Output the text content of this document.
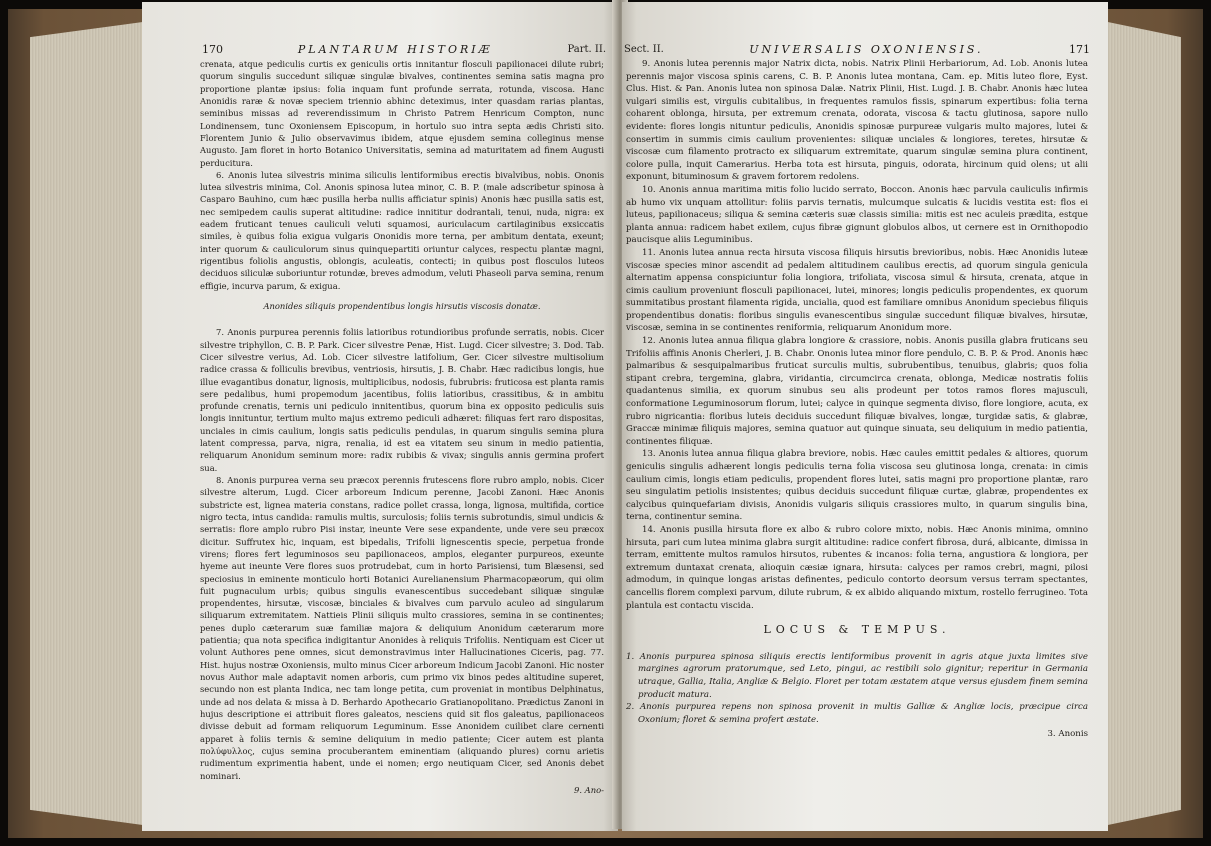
170	PLANTARUM HISTORIÆ	Part. II.

crenata, atque pediculis curtis ex geniculis ortis innitantur flosculi papilionacei dilute rubri; quorum singulis succedunt siliquæ singulæ bivalves, continentes semina satis magna pro proportione plantæ ipsius: folia inquam funt profunde serrata, rotunda, viscosa. Hanc Anonidis raræ & novæ speciem triennio abhinc deteximus, inter quasdam rarias plantas, seminibus missas ad reverendissimum in Christo Patrem Henricum Compton, nunc Londinensem, tunc Oxoniensem Episcopum, in hortulo suo intra septa ædis Christi sito. Florentem Junio & Julio observavimus ibidem, atque ejusdem semina colleginus mense Augusto. Jam floret in horto Botanico Universitatis, semina ad maturitatem ad finem Augusti perducitura.

6. Anonis lutea silvestris minima siliculis lentiformibus erectis bivalvibus, nobis. Ononis lutea silvestris minima, Col. Anonis spinosa lutea minor, C. B. P. (male adscribetur spinosa à Casparo Bauhino, cum hæc pusilla herba nullis afficiatur spinis) Anonis hæc pusilla satis est, nec semipedem caulis superat altitudine: radice innititur dodrantali, tenui, nuda, nigra: ex eadem fruticant tenues cauliculi veluti squamosi, auriculacum cartilaginibus exsiccatis similes, è quibus folia exigua vulgaris Ononidis more terna, per ambitum dentata, exeunt; inter quorum & cauliculorum sinus quinquepartiti oriuntur calyces, respectu plantæ magni, rigentibus foliolis angustis, oblongis, aculeatis, contecti; in quibus post flosculos luteos deciduos siliculæ suboriuntur rotundæ, breves admodum, veluti Phaseoli parva semina, renum effigie, incurva parum, & exigua.

Anonides siliquis propendentibus longis hirsutis viscosis donatæ.

7. Anonis purpurea perennis foliis latioribus rotundioribus profunde serratis, nobis. Cicer silvestre triphyllon, C. B. P. Park. Cicer silvestre Penæ, Hist. Lugd. Cicer silvestre; 3. Dod. Tab. Cicer silvestre verius, Ad. Lob. Cicer silvestre latifolium, Ger. Cicer silvestre multisolium radice crassa & folliculis brevibus, ventriosis, hirsutis, J. B. Chabr. Hæc radicibus longis, hue illue evagantibus donatur, lignosis, multiplicibus, nodosis, fubrubris: fruticosa est planta ramis sere pedalibus, humi propemodum jacentibus, foliis latioribus, crassitibus, & in ambitu profunde crenatis, ternis uni pediculo innitentibus, quorum bina ex opposito pediculis suis longis innituntur, tertium multo majus extremo pediculi adhæret: filiquas fert raro dispositas, unciales in cimis caulium, longis satis pediculis pendulas, in quarum singulis semina plura latent compressa, parva, nigra, renalia, id est ea vitatem seu sinum in medio patientia, reliquarum Anonidum seminum more: radix rubibis & vivax; singulis annis germina profert sua.

8. Anonis purpurea verna seu præcox perennis frutescens flore rubro amplo, nobis. Cicer silvestre alterum, Lugd. Cicer arboreum Indicum perenne, Jacobi Zanoni. Hæc Anonis substricte est, lignea materia constans, radice pollet crassa, longa, lignosa, multifida, cortice nigro tecta, intus candida: ramulis multis, surculosis; foliis ternis subrotundis, simul undicis & serratis: flore amplo rubro Pisi instar, ineunte Vere sese expandente, unde vere seu præcox dicitur. Suffrutex hic, inquam, est bipedalis, Trifolii lignescentis specie, perpetua fronde virens; flores fert leguminosos seu papilionaceos, amplos, eleganter purpureos, exeunte hyeme aut ineunte Vere flores suos protrudebat, cum in horto Parisiensi, tum Blæsensi, sed speciosius in eminente monticulo horti Botanici Aurelianensium Pharmacopæorum, qui olim fuit pugnaculum urbis; quibus singulis evanescentibus succedebant siliquæ singulæ propendentes, hirsutæ, viscosæ, binciales & bivalves cum parvulo aculeo ad singularum siliquarum extremitatem. Nattieis Plinii siliquis multo crassiores, semina in se continentes; penes duplo cæterarum suæ familiæ majora & deliquium Anonidum cæterarum more patientia; qua nota specifica indigitantur Anonides à reliquis Trifoliis. Nentiquam est Cicer ut volunt Authores pene omnes, sicut demonstravimus inter Hallucinationes Ciceris, pag. 77. Hist. hujus nostræ Oxoniensis, multo minus Cicer arboreum Indicum Jacobi Zanoni. Hic noster novus Author male adaptavit nomen arboris, cum primo vix binos pedes altitudine superet, secundo non est planta Indica, nec tam longe petita, cum proveniat in montibus Delphinatus, unde ad nos delata & missa à D. Berhardo Apothecario Gratianopolitano. Prædictus Zanoni in hujus descriptione ei attribuit flores galeatos, nesciens quid sit flos galeatus, papilionaceos divisse debuit ad formam reliquorum Leguminum. Esse Anonidem cuilibet clare cernenti apparet à foliis ternis & semine deliquium in medio patiente; Cicer autem est planta πολύφυλλος, cujus semina procuberantem eminentiam (aliquando plures) cornu arietis rudimentum exprimentia habent, unde ei nomen; ergo neutiquam Cicer, sed Anonis debet nominari.

9. Ano-
Sect. II.	UNIVERSALIS OXONIENSIS.	171

9. Anonis lutea perennis major Natrix dicta, nobis. Natrix Plinii Herbariorum, Ad. Lob. Anonis lutea perennis major viscosa spinis carens, C. B. P. Anonis lutea montana, Cam. ep. Mitis luteo flore, Eyst. Clus. Hist. & Pan. Anonis lutea non spinosa Dalæ. Natrix Plinii, Hist. Lugd. J. B. Chabr. Anonis hæc lutea vulgari similis est, virgulis cubitalibus, in frequentes ramulos fissis, spinarum expertibus: folia terna coharent oblonga, hirsuta, per extremum crenata, odorata, viscosa & tactu glutinosa, sapore nullo evidente: flores longis nituntur pediculis, Anonidis spinosæ purpureæ vulgaris multo majores, lutei & consertim in summis cimis caulium provenientes: siliquæ unciales & longiores, teretes, hirsutæ & viscosæ cum filamento protracto ex siliquarum extremitate, quarum singulæ semina plura continent, colore pulla, inquit Camerarius. Herba tota est hirsuta, pinguis, odorata, hircinum quid olens; ut alii exponunt, bituminosum & gravem fortorem redolens.

10. Anonis annua maritima mitis folio lucido serrato, Boccon. Anonis hæc parvula cauliculis infirmis ab humo vix unquam attollitur: foliis parvis ternatis, mulcumque sulcatis & lucidis vestita est: flos ei luteus, papilionaceus; siliqua & semina cæteris suæ classis similia: mitis est nec aculeis prædita, estque planta annua: radicem habet exilem, cujus fibræ gignunt globulos albos, ut cernere est in Ornithopodio paucisque aliis Leguminibus.

11. Anonis lutea annua recta hirsuta viscosa filiquis hirsutis brevioribus, nobis. Hæc Anonidis luteæ viscosæ species minor ascendit ad pedalem altitudinem caulibus erectis, ad quorum singula genicula alternatim appensa conspiciuntur folia longiora, trifoliata, viscosa simul & hirsuta, crenata, atque in cimis caulium proveniunt flosculi papilionacei, lutei, minores; longis pediculis propendentes, ex quorum summitatibus prostant filamenta rigida, uncialia, quod est familiare omnibus Anonidum speciebus filiquis propendentibus donatis: floribus singulis evanescentibus singulæ succedunt filiquæ bivalves, hirsutæ, viscosæ, semina in se continentes reniformia, reliquarum Anonidum more.

12. Anonis lutea annua filiqua glabra longiore & crassiore, nobis. Anonis pusilla glabra fruticans seu Trifoliis affinis Anonis Cherleri, J. B. Chabr. Ononis lutea minor flore pendulo, C. B. P. & Prod. Anonis hæc palmaribus & sesquipalmaribus fruticat surculis multis, subrubentibus, tenuibus, glabris; quos folia stipant crebra, tergemina, glabra, viridantia, circumcirca crenata, oblonga, Medicæ nostratis foliis quadantenus similia, ex quorum sinubus seu alis prodeunt per totos ramos flores majusculi, conformatione Leguminosorum florum, lutei; calyce in quinque segmenta diviso, flore longiore, acuta, ex rubro nigricantia: floribus luteis deciduis succedunt filiquæ bivalves, longæ, turgidæ satis, & glabræ, Graccæ minimæ filiquis majores, semina quatuor aut quinque sinuata, seu deliquium in medio patientia, continentes filiquæ.

13. Anonis lutea annua filiqua glabra breviore, nobis. Hæc caules emittit pedales & altiores, quorum geniculis singulis adhærent longis pediculis terna folia viscosa seu glutinosa longa, crenata: in cimis caulium cimis, longis etiam pediculis, propendent flores lutei, satis magni pro proportione plantæ, raro seu singulatim petiolis insistentes; quibus deciduis succedunt filiquæ curtæ, glabræ, propendentes ex calycibus quinquefariam divisis, Anonidis vulgaris siliquis crassiores multo, in quarum singulis bina, terna, continentur semina.

14. Anonis pusilla hirsuta flore ex albo & rubro colore mixto, nobis. Hæc Anonis minima, omnino hirsuta, pari cum lutea minima glabra surgit altitudine: radice confert fibrosa, durá, albicante, dimissa in terram, emittente multos ramulos hirsutos, rubentes & incanos: folia terna, angustiora & longiora, per extremum duntaxat crenata, alioquin cæsiæ ignara, hirsuta: calyces per ramos crebri, magni, pilosi admodum, in quinque longas aristas definentes, pediculo contorto deorsum versus terram spectantes, cancellis florem complexi parvum, dilute rubrum, & ex albido aliquando mixtum, rostello ferrugineo. Tota plantula est contactu viscida.

LOCUS & TEMPUS.

1. Anonis purpurea spinosa siliquis erectis lentiformibus provenit in agris atque juxta limites sive margines agrorum pratorumque, sed Leto, pingui, ac restibili solo gignitur; reperitur in Germania utraque, Gallia, Italia, Angliæ & Belgio. Floret per totam æstatem atque versus ejusdem finem semina producit matura.

2. Anonis purpurea repens non spinosa provenit in multis Galliæ & Angliæ locis, præcipue circa Oxonium; floret & semina profert æstate.

3. Anonis
